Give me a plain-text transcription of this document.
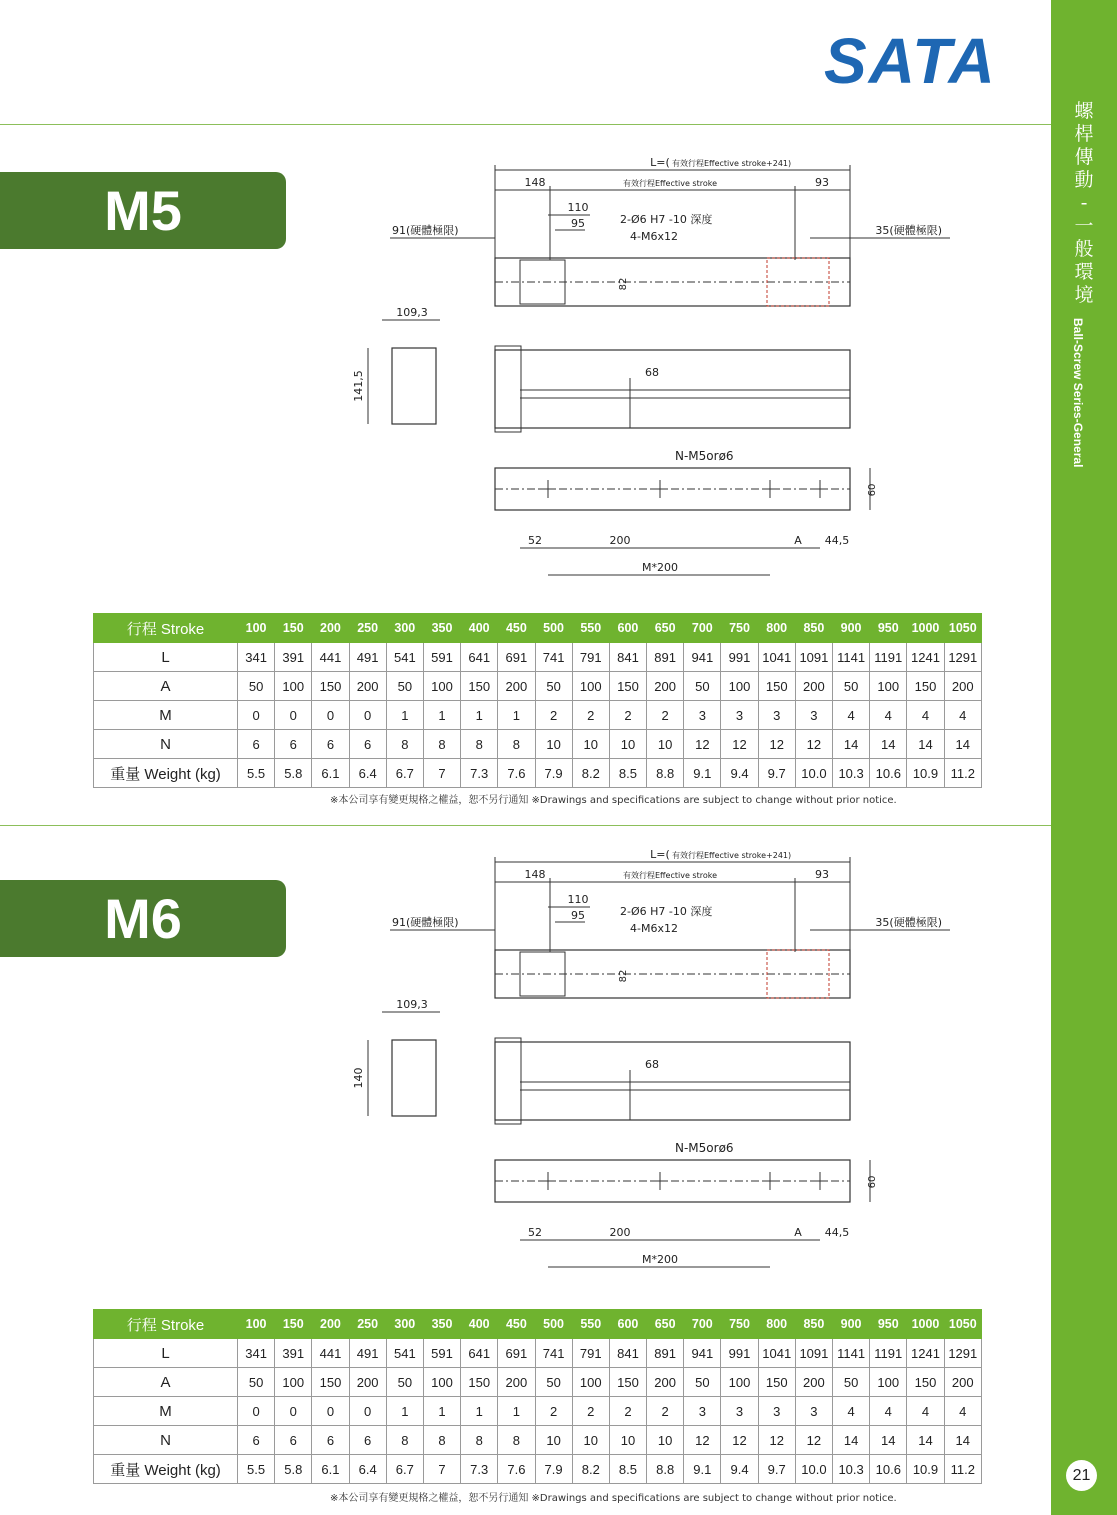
螺
桿
傳
動
-
一
般
環
境
Ball-Screw Series-General
21
SATA
M5
L=( 有效行程Effective stroke+241)
148	有效行程Effective stroke	93
110
95	2-Ø6 H7 -10 深度
4-M6x12
91(硬體極限)	35(硬體極限)
82
109,3
141,5	68
N-M5orø6
60
52	200	A 44,5
M*200
行程 Stroke	100	150	200	250	300	350	400	450	500	550	600	650	700	750	800	850	900	950	1000	1050
L	341	391	441	491	541	591	641	691	741	791	841	891	941	991	1041	1091	1141	1191	1241	1291
A	50	100	150	200	50	100	150	200	50	100	150	200	50	100	150	200	50	100	150	200
M	0	0	0	0	1	1	1	1	2	2	2	2	3	3	3	3	4	4	4	4
N	6	6	6	6	8	8	8	8	10	10	10	10	12	12	12	12	14	14	14	14
重量 Weight (kg)	5.5	5.8	6.1	6.4	6.7	7	7.3	7.6	7.9	8.2	8.5	8.8	9.1	9.4	9.7	10.0	10.3	10.6	10.9	11.2
※本公司享有變更規格之權益，恕不另行通知 ※Drawings and specifications are subject to change without prior notice.
M6
L=( 有效行程Effective stroke+241)
148	有效行程Effective stroke	93
110
95	2-Ø6 H7 -10 深度
4-M6x12
91(硬體極限)	35(硬體極限)
82
109,3
140
68
N-M5orø6
60
52	200	A 44,5
M*200
行程 Stroke	100	150	200	250	300	350	400	450	500	550	600	650	700	750	800	850	900	950	1000	1050
L	341	391	441	491	541	591	641	691	741	791	841	891	941	991	1041	1091	1141	1191	1241	1291
A	50	100	150	200	50	100	150	200	50	100	150	200	50	100	150	200	50	100	150	200
M	0	0	0	0	1	1	1	1	2	2	2	2	3	3	3	3	4	4	4	4
N	6	6	6	6	8	8	8	8	10	10	10	10	12	12	12	12	14	14	14	14
重量 Weight (kg)	5.5	5.8	6.1	6.4	6.7	7	7.3	7.6	7.9	8.2	8.5	8.8	9.1	9.4	9.7	10.0	10.3	10.6	10.9	11.2
※本公司享有變更規格之權益，恕不另行通知 ※Drawings and specifications are subject to change without prior notice.
